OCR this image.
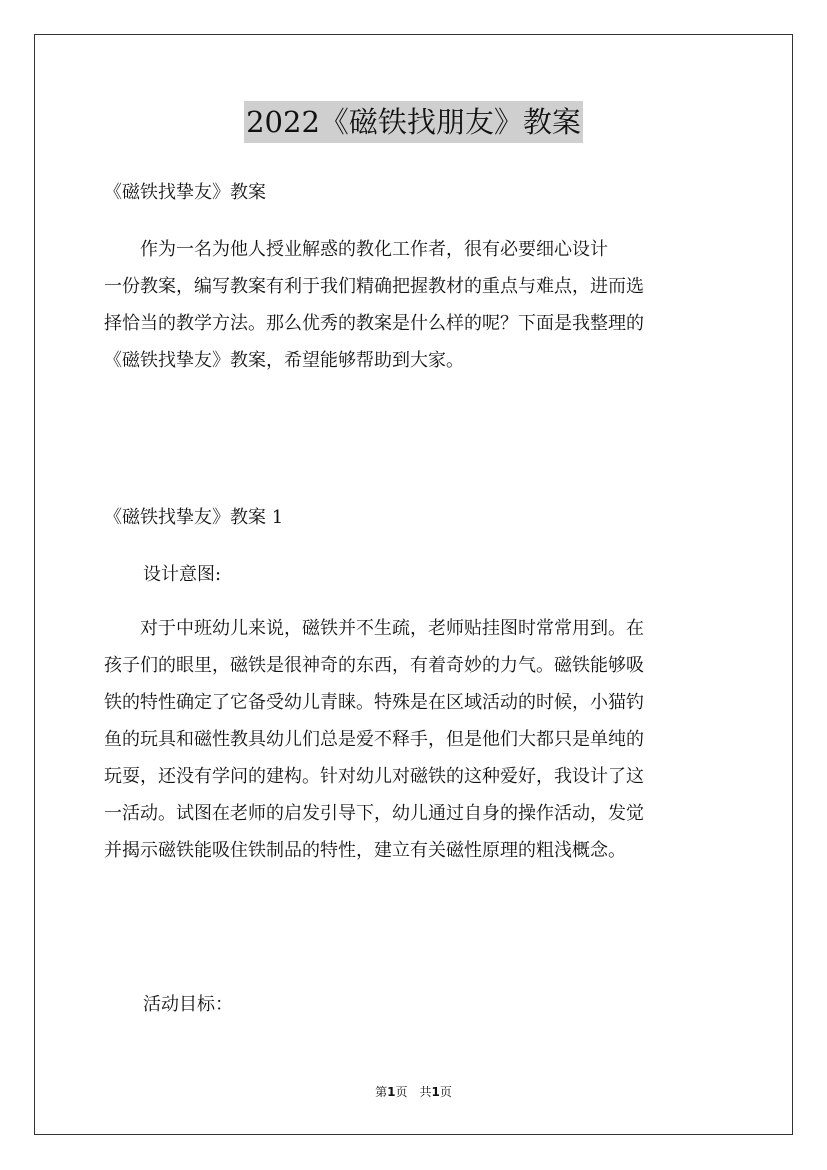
2022《磁铁找朋友》教案
《磁铁找挚友》教案
　　作为一名为他人授业解惑的教化工作者，很有必要细心设计
一份教案，编写教案有利于我们精确把握教材的重点与难点，进而选
择恰当的教学方法。那么优秀的教案是什么样的呢？下面是我整理的
《磁铁找挚友》教案，希望能够帮助到大家。
《磁铁找挚友》教案 1
设计意图:
　　对于中班幼儿来说，磁铁并不生疏，老师贴挂图时常常用到。在
孩子们的眼里，磁铁是很神奇的东西，有着奇妙的力气。磁铁能够吸
铁的特性确定了它备受幼儿青睐。特殊是在区域活动的时候，小猫钓
鱼的玩具和磁性教具幼儿们总是爱不释手，但是他们大都只是单纯的
玩耍，还没有学问的建构。针对幼儿对磁铁的这种爱好，我设计了这
一活动。试图在老师的启发引导下，幼儿通过自身的操作活动，发觉
并揭示磁铁能吸住铁制品的特性，建立有关磁性原理的粗浅概念。
活动目标：
第1页　共1页
